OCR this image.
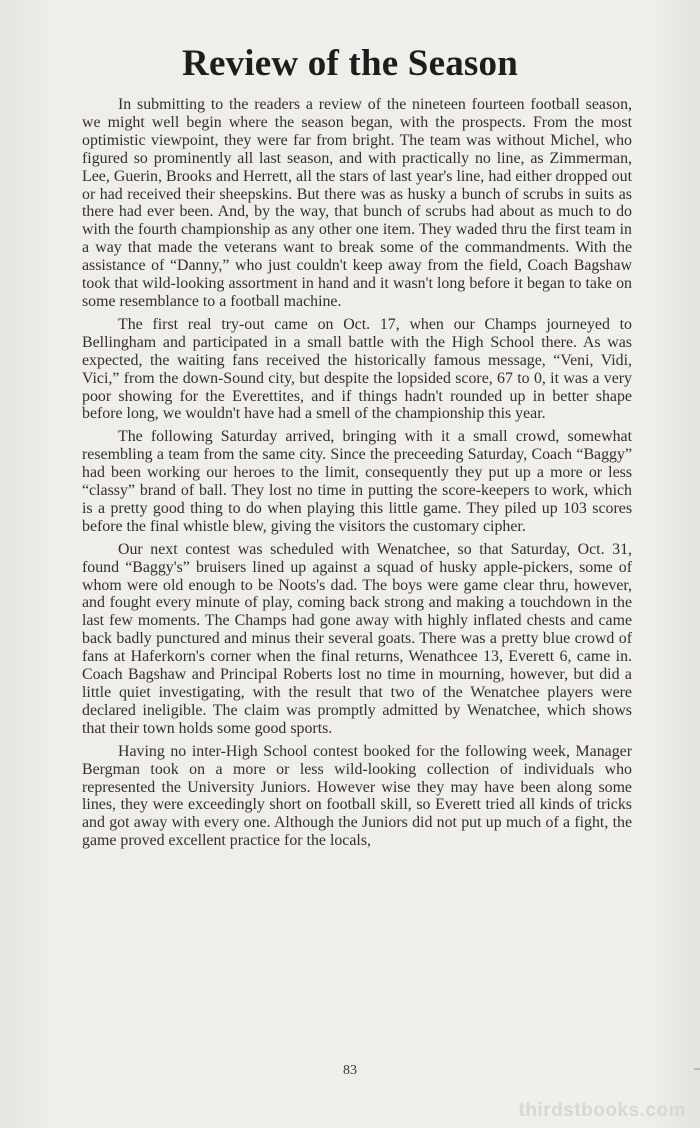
Review of the Season

In submitting to the readers a review of the nineteen fourteen football season, we might well begin where the season began, with the prospects. From the most optimistic viewpoint, they were far from bright. The team was without Michel, who figured so prominently all last season, and with practically no line, as Zimmerman, Lee, Guerin, Brooks and Herrett, all the stars of last year's line, had either dropped out or had received their sheepskins. But there was as husky a bunch of scrubs in suits as there had ever been. And, by the way, that bunch of scrubs had about as much to do with the fourth championship as any other one item. They waded thru the first team in a way that made the veterans want to break some of the commandments. With the assistance of “Danny,” who just couldn't keep away from the field, Coach Bagshaw took that wild-looking assortment in hand and it wasn't long before it began to take on some resemblance to a football machine.

The first real try-out came on Oct. 17, when our Champs journeyed to Bellingham and participated in a small battle with the High School there. As was expected, the waiting fans received the historically famous message, “Veni, Vidi, Vici,” from the down-Sound city, but despite the lopsided score, 67 to 0, it was a very poor showing for the Everettites, and if things hadn't rounded up in better shape before long, we wouldn't have had a smell of the championship this year.

The following Saturday arrived, bringing with it a small crowd, somewhat resembling a team from the same city. Since the preceeding Saturday, Coach “Baggy” had been working our heroes to the limit, consequently they put up a more or less “classy” brand of ball. They lost no time in putting the score-keepers to work, which is a pretty good thing to do when playing this little game. They piled up 103 scores before the final whistle blew, giving the visitors the customary cipher.

Our next contest was scheduled with Wenatchee, so that Saturday, Oct. 31, found “Baggy's” bruisers lined up against a squad of husky apple-pickers, some of whom were old enough to be Noots's dad. The boys were game clear thru, however, and fought every minute of play, coming back strong and making a touchdown in the last few moments. The Champs had gone away with highly inflated chests and came back badly punctured and minus their several goats. There was a pretty blue crowd of fans at Haferkorn's corner when the final returns, Wenathcee 13, Everett 6, came in. Coach Bagshaw and Principal Roberts lost no time in mourning, however, but did a little quiet investigating, with the result that two of the Wenatchee players were declared ineligible. The claim was promptly admitted by Wenatchee, which shows that their town holds some good sports.

Having no inter-High School contest booked for the following week, Manager Bergman took on a more or less wild-looking collection of individuals who represented the University Juniors. However wise they may have been along some lines, they were exceedingly short on football skill, so Everett tried all kinds of tricks and got away with every one. Although the Juniors did not put up much of a fight, the game proved excellent practice for the locals,

83
thirdstbooks.com
